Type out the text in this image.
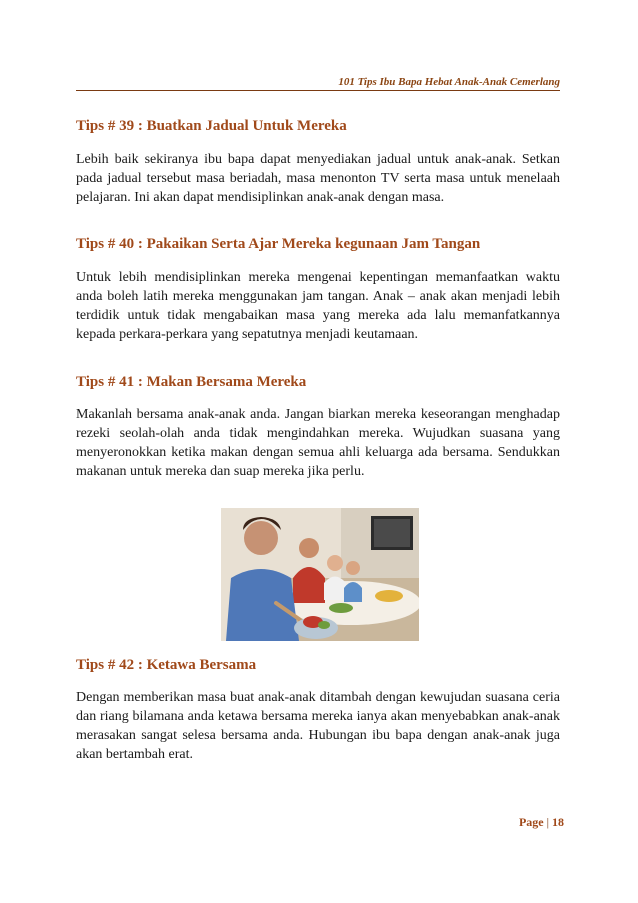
101 Tips Ibu Bapa Hebat Anak-Anak Cemerlang
Tips # 39 : Buatkan Jadual Untuk Mereka

Lebih baik sekiranya ibu bapa dapat menyediakan jadual untuk anak-anak. Setkan pada jadual tersebut masa beriadah, masa menonton TV serta masa untuk menelaah pelajaran. Ini akan dapat mendisiplinkan anak-anak dengan masa.

Tips # 40 : Pakaikan Serta Ajar Mereka kegunaan Jam Tangan

Untuk lebih mendisiplinkan mereka mengenai kepentingan memanfaatkan waktu anda boleh latih mereka menggunakan jam tangan. Anak – anak akan menjadi lebih terdidik untuk tidak mengabaikan masa yang mereka ada lalu memanfatkannya kepada perkara-perkara yang sepatutnya menjadi keutamaan.

Tips # 41 : Makan Bersama Mereka

Makanlah bersama anak-anak anda. Jangan biarkan mereka keseorangan menghadap rezeki seolah-olah anda tidak mengindahkan mereka. Wujudkan suasana yang menyeronokkan ketika makan dengan semua ahli keluarga ada bersama. Sendukkan makanan untuk mereka dan suap mereka jika perlu.

Tips # 42 : Ketawa Bersama

Dengan memberikan masa buat anak-anak ditambah dengan kewujudan suasana ceria dan riang bilamana anda ketawa bersama mereka ianya akan menyebabkan anak-anak merasakan sangat selesa bersama anda. Hubungan ibu bapa dengan anak-anak juga akan bertambah erat.

Page | 18
